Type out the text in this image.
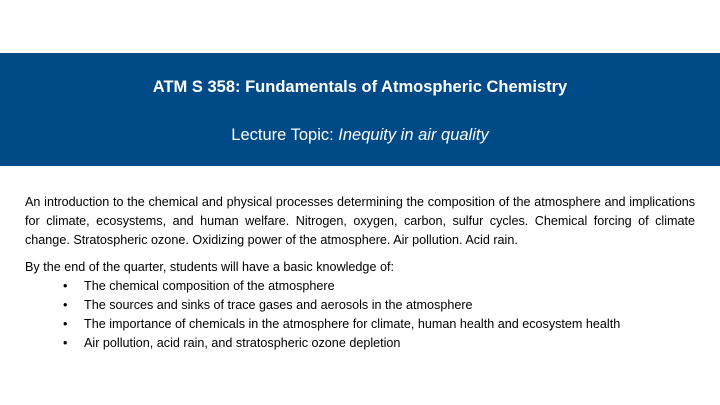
ATM S 358: Fundamentals of Atmospheric Chemistry
Lecture Topic: Inequity in air quality

An introduction to the chemical and physical processes determining the composition of the atmosphere and implications for climate, ecosystems, and human welfare. Nitrogen, oxygen, carbon, sulfur cycles. Chemical forcing of climate change. Stratospheric ozone. Oxidizing power of the atmosphere. Air pollution. Acid rain.

By the end of the quarter, students will have a basic knowledge of:

• The chemical composition of the atmosphere
• The sources and sinks of trace gases and aerosols in the atmosphere
• The importance of chemicals in the atmosphere for climate, human health and ecosystem health
• Air pollution, acid rain, and stratospheric ozone depletion
